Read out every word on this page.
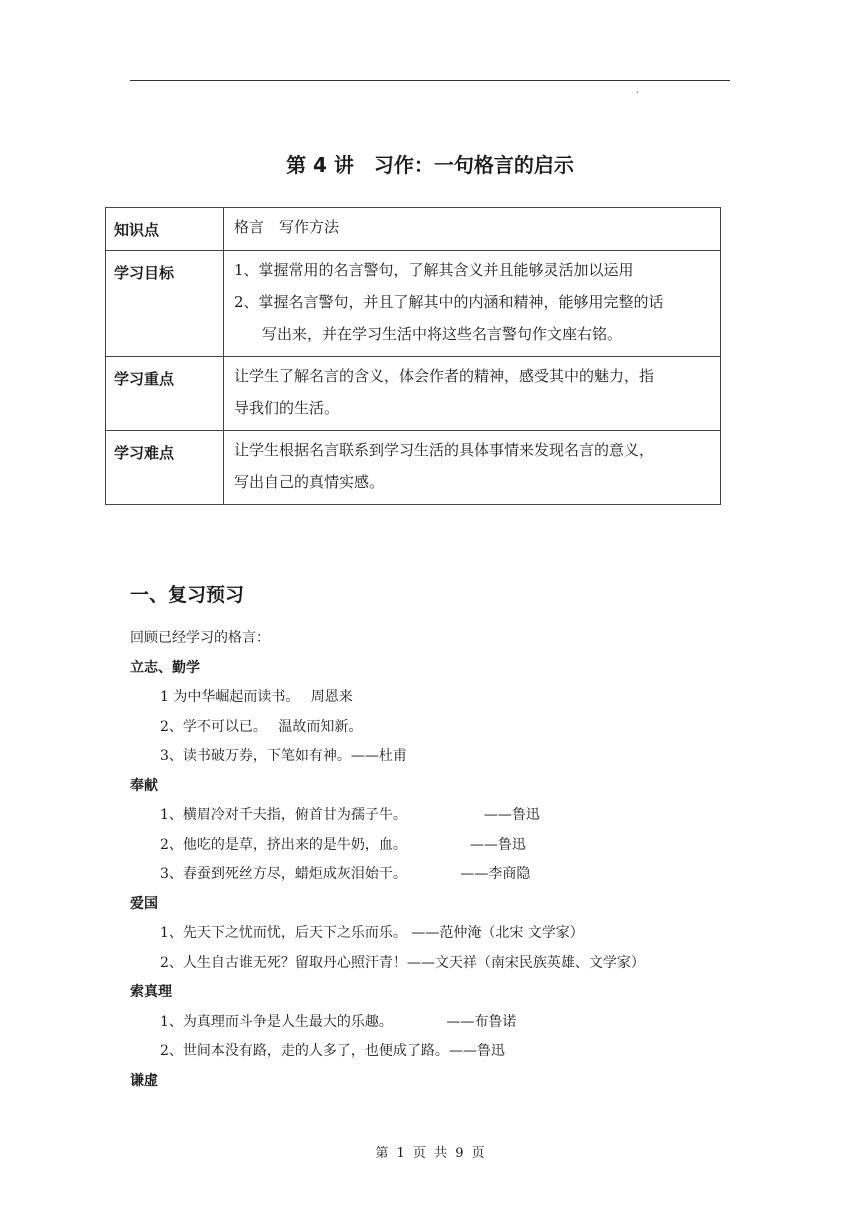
.
第 4 讲　习作：一句格言的启示
知识点	格言　写作方法

学习目标	1、掌握常用的名言警句，了解其含义并且能够灵活加以运用
2、掌握名言警句，并且了解其中的内涵和精神，能够用完整的话
写出来，并在学习生活中将这些名言警句作文座右铭。

学习重点	让学生了解名言的含义，体会作者的精神，感受其中的魅力，指
导我们的生活。

学习难点	让学生根据名言联系到学习生活的具体事情来发现名言的意义，
写出自己的真情实感。
一、复习预习
回顾已经学习的格言：
立志、勤学
1 为中华崛起而读书。　 周恩来
2、学不可以已。　 温故而知新。
3、读书破万券，下笔如有神。——杜甫
奉献
1、横眉冷对千夫指，俯首甘为孺子牛。　　　　　　——鲁迅
2、他吃的是草，挤出来的是牛奶，血。　　　　　——鲁迅
3、春蚕到死丝方尽，蜡炬成灰泪始干。　　　　 ——李商隐
爱国
1、先天下之忧而忧，后天下之乐而乐。 ——范仲淹（北宋 文学家）
2、人生自古谁无死？留取丹心照汗青！——文天祥（南宋民族英雄、文学家）
索真理
1、为真理而斗争是人生最大的乐趣。　　　　 ——布鲁诺
2、世间本没有路，走的人多了，也便成了路。——鲁迅
谦虚
第 1 页 共 9 页
